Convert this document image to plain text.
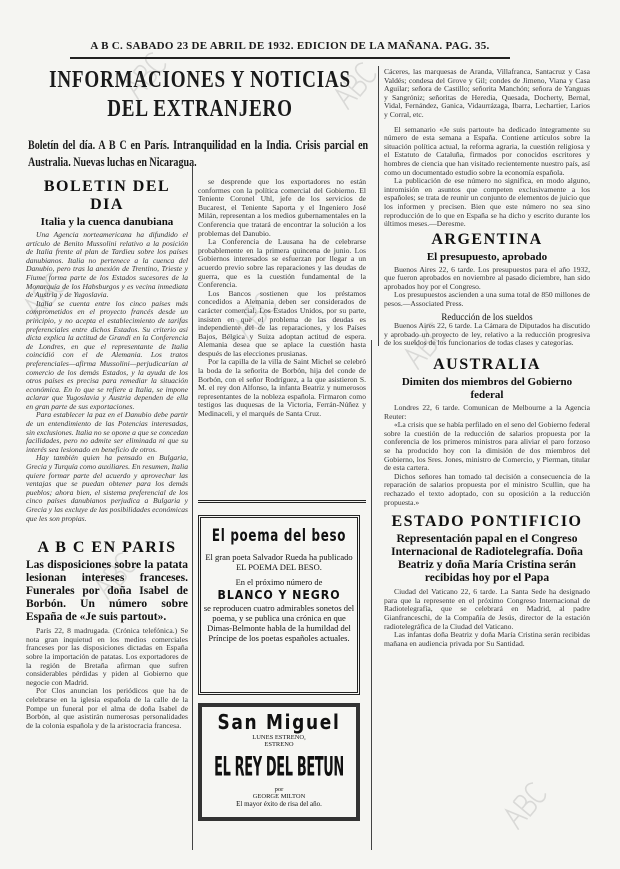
A B C. SABADO 23 DE ABRIL DE 1932. EDICION DE LA MAÑANA. PAG. 35.
INFORMACIONES Y NOTICIAS
DEL EXTRANJERO
Boletín del día. A B C en París. Intranquilidad en la India. Crisis parcial en Australia. Nuevas luchas en Nicaragua.
BOLETIN DEL DIA
Italia y la cuenca danubiana

Una Agencia norteamericana ha difundido el artículo de Benito Mussolini relativo a la posición de Italia frente al plan de Tardieu sobre los países danubianos. Italia no pertenece a la cuenca del Danubio, pero tras la anexión de Trentino, Trieste y Fiume forma parte de los Estados sucesores de la Monarquía de los Habsburgos y es vecina inmediata de Austria y de Yugoslavia.

Italia se cuenta entre los cinco países más comprometidos en el proyecto francés desde un principio, y no acepta el establecimiento de tarifas preferenciales entre dichos Estados. Su criterio así dicta explica la actitud de Grandi en la Conferencia de Londres, en que el representante de Italia coincidió con el de Alemania. Los tratos preferenciales—afirma Mussolini—perjudicarían al comercio de los demás Estados, y la ayuda de los otros países es precisa para remediar la situación económica. En lo que se refiere a Italia, se impone aclarar que Yugoslavia y Austria dependen de ella en gran parte de sus exportaciones.

Para establecer la paz en el Danubio debe partir de un entendimiento de las Potencias interesadas, sin exclusiones. Italia no se opone a que se concedan facilidades, pero no admite ser eliminada ni que su interés sea lesionado en beneficio de otros.

Hay también quien ha pensado en Bulgaria, Grecia y Turquía como auxiliares. En resumen, Italia quiere formar parte del acuerdo y aprovechar las ventajas que se puedan obtener para los demás pueblos; ahora bien, el sistema preferencial de los cinco países danubianos perjudica a Bulgaria y Grecia y las excluye de las posibilidades económicas que les son propias.

A B C EN PARIS
Las disposiciones sobre la patata lesionan intereses franceses. Funerales por doña Isabel de Borbón. Un número sobre España de «Je suis partout».

París 22, 8 madrugada. (Crónica telefónica.) Se nota gran inquietud en los medios comerciales franceses por las disposiciones dictadas en España sobre la importación de patatas. Los exportadores de la región de Bretaña afirman que sufren considerables pérdidas y piden al Gobierno que negocie con Madrid.

Por Clos anuncian los periódicos que ha de celebrarse en la iglesia española de la calle de la Pompe un funeral por el alma de doña Isabel de Borbón, al que asistirán numerosas personalidades de la colonia española y de la aristocracia francesa.

se desprende que los exportadores no están conformes con la política comercial del Gobierno. El Teniente Coronel Uhl, jefe de los servicios de Bucarest, el Teniente Saporta y el Ingeniero José Milán, representan a los medios gubernamentales en la Conferencia que tratará de encontrar la solución a los problemas del Danubio.

La Conferencia de Lausana ha de celebrarse probablemente en la primera quincena de junio. Los Gobiernos interesados se esfuerzan por llegar a un acuerdo previo sobre las reparaciones y las deudas de guerra, que es la cuestión fundamental de la Conferencia.

Los Bancos sostienen que los préstamos concedidos a Alemania deben ser considerados de carácter comercial. Los Estados Unidos, por su parte, insisten en que el problema de las deudas es independiente del de las reparaciones, y los Países Bajos, Bélgica y Suiza adoptan actitud de espera. Alemania desea que se aplace la cuestión hasta después de las elecciones prusianas.

Por la capilla de la villa de Saint Michel se celebró la boda de la señorita de Borbón, hija del conde de Borbón, con el señor Rodríguez, a la que asistieron S. M. el rey don Alfonso, la infanta Beatriz y numerosos representantes de la nobleza española. Firmaron como testigos las duquesas de la Victoria, Ferrán-Núñez y Medinaceli, y el marqués de Santa Cruz.

El poema del beso
El gran poeta Salvador Rueda ha publicado EL POEMA DEL BESO.
En el próximo número de
BLANCO Y NEGRO
se reproducen cuatro admirables sonetos del poema, y se publica una crónica en que Dimas-Belmonte habla de la humildad del Príncipe de los poetas españoles actuales.
San Miguel
LUNES ESTRENO,
ESTRENO
EL REY DEL BETUN
por
GEORGE MILTON
El mayor éxito de risa del año.

Cáceres, las marquesas de Aranda, Villafranca, Santacruz y Casa Valdés; condesa del Grove y Gil; condes de Jimeno, Viana y Casa Aguilar; señora de Castillo; señorita Manchón; señora de Yanguas y Sangróniz; señoritas de Heredia, Quesada, Docherty, Bernal, Vidal, Fernández, Ganica, Vidaurrázaga, Ibarra, Lechartier, Larios y Corral, etc.

El semanario «Je suis partout» ha dedicado íntegramente su número de esta semana a España. Contiene artículos sobre la situación política actual, la reforma agraria, la cuestión religiosa y el Estatuto de Cataluña, firmados por conocidos escritores y hombres de ciencia que han visitado recientemente nuestro país, así como un documentado estudio sobre la economía española.

La publicación de ese número no significa, en modo alguno, intromisión en asuntos que competen exclusivamente a los españoles; se trata de reunir un conjunto de elementos de juicio que los informen y precisen. Bien que este número no sea sino reproducción de lo que en España se ha dicho y escrito durante los últimos meses.—Deresme.

ARGENTINA
El presupuesto, aprobado

Buenos Aires 22, 6 tarde. Los presupuestos para el año 1932, que fueron aprobados en noviembre al pasado diciembre, han sido aprobados hoy por el Congreso.

Los presupuestos ascienden a una suma total de 850 millones de pesos.—Associated Press.

Reducción de los sueldos

Buenos Aires 22, 6 tarde. La Cámara de Diputados ha discutido y aprobado un proyecto de ley, relativo a la reducción progresiva de los sueldos de los funcionarios de todas clases y categorías.

AUSTRALIA
Dimiten dos miembros del Gobierno federal

Londres 22, 6 tarde. Comunican de Melbourne a la Agencia Reuter:

«La crisis que se había perfilado en el seno del Gobierno federal sobre la cuestión de la reducción de salarios propuesta por la conferencia de los primeros ministros para aliviar el paro forzoso se ha producido hoy con la dimisión de dos miembros del Gobierno, los Sres. Jones, ministro de Comercio, y Pierman, titular de esta cartera.

Dichos señores han tomado tal decisión a consecuencia de la reparación de salarios propuesta por el ministro Scullin, que ha rechazado el texto adoptado, con su oposición a la reducción propuesta.»

ESTADO PONTIFICIO
Representación papal en el Congreso Internacional de Radiotelegrafía. Doña Beatriz y doña María Cristina serán recibidas hoy por el Papa

Ciudad del Vaticano 22, 6 tarde. La Santa Sede ha designado para que la represente en el próximo Congreso Internacional de Radiotelegrafía, que se celebrará en Madrid, al padre Gianfranceschi, de la Compañía de Jesús, director de la estación radiotelegráfica de la Ciudad del Vaticano.

Las infantas doña Beatriz y doña María Cristina serán recibidas mañana en audiencia privada por Su Santidad.
